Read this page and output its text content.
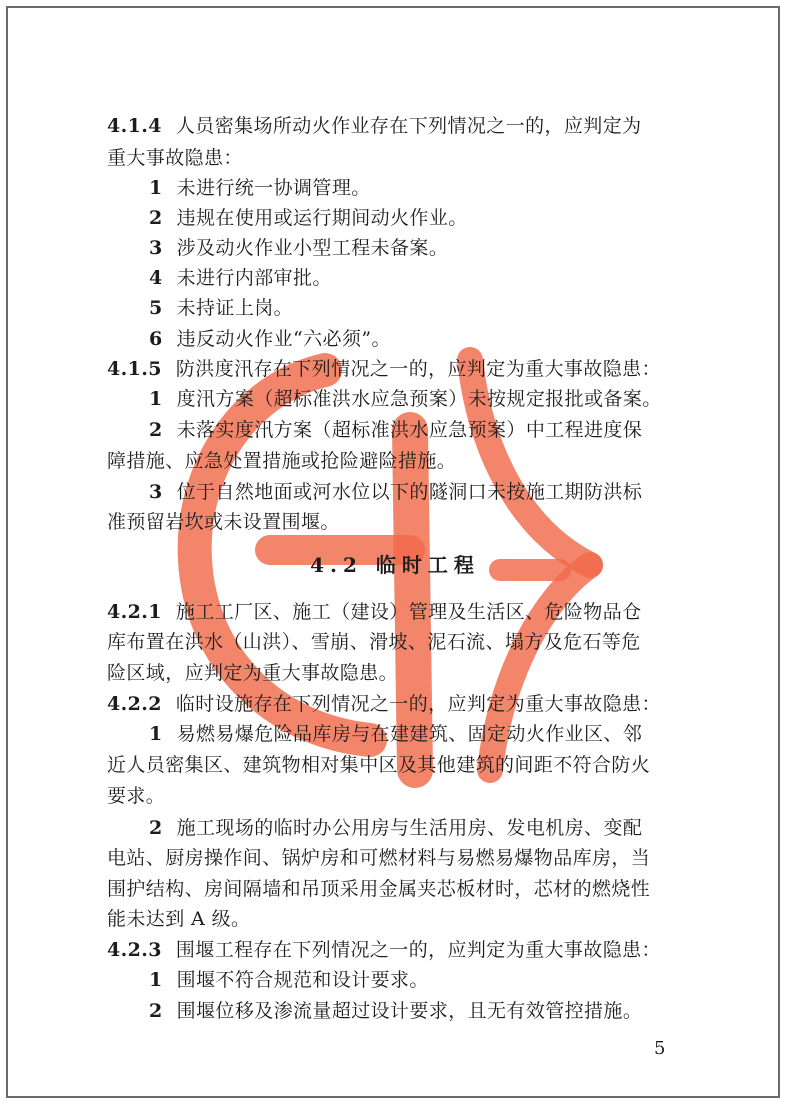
4.1.4 人员密集场所动火作业存在下列情况之一的，应判定为
重大事故隐患：
1 未进行统一协调管理。
2 违规在使用或运行期间动火作业。
3 涉及动火作业小型工程未备案。
4 未进行内部审批。
5 未持证上岗。
6 违反动火作业“六必须”。
4.1.5 防洪度汛存在下列情况之一的，应判定为重大事故隐患：
1 度汛方案（超标准洪水应急预案）未按规定报批或备案。
2 未落实度汛方案（超标准洪水应急预案）中工程进度保
障措施、应急处置措施或抢险避险措施。
3 位于自然地面或河水位以下的隧洞口未按施工期防洪标
准预留岩坎或未设置围堰。
4.2 临时工程
4.2.1 施工工厂区、施工（建设）管理及生活区、危险物品仓
库布置在洪水（山洪）、雪崩、滑坡、泥石流、塌方及危石等危
险区域，应判定为重大事故隐患。
4.2.2 临时设施存在下列情况之一的，应判定为重大事故隐患：
1 易燃易爆危险品库房与在建建筑、固定动火作业区、邻
近人员密集区、建筑物相对集中区及其他建筑的间距不符合防火
要求。
2 施工现场的临时办公用房与生活用房、发电机房、变配
电站、厨房操作间、锅炉房和可燃材料与易燃易爆物品库房，当
围护结构、房间隔墙和吊顶采用金属夹芯板材时，芯材的燃烧性
能未达到 A 级。
4.2.3 围堰工程存在下列情况之一的，应判定为重大事故隐患：
1 围堰不符合规范和设计要求。
2 围堰位移及渗流量超过设计要求，且无有效管控措施。
5
